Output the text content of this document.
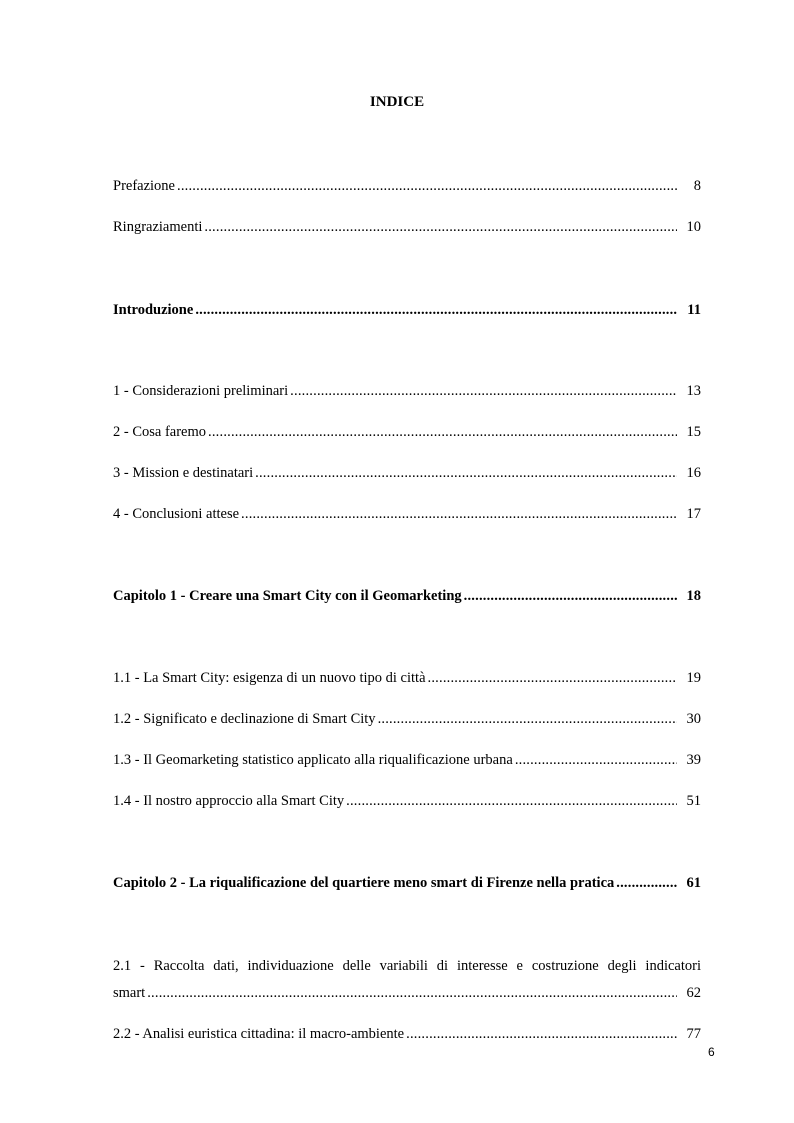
INDICE
Prefazione .....	8
Ringraziamenti .....	10
Introduzione .....	11
1 - Considerazioni preliminari .....	13
2 - Cosa faremo .....	15
3 - Mission e destinatari .....	16
4 - Conclusioni attese .....	17
Capitolo 1 - Creare una Smart City con il Geomarketing .....	18
1.1 - La Smart City: esigenza di un nuovo tipo di città .....	19
1.2 - Significato e declinazione di Smart City .....	30
1.3 - Il Geomarketing statistico applicato alla riqualificazione urbana .....	39
1.4 - Il nostro approccio alla Smart City .....	51
Capitolo 2 - La riqualificazione del quartiere meno smart di Firenze nella pratica .....	61
2.1 - Raccolta dati, individuazione delle variabili di interesse e costruzione degli indicatori
smart .....	62
2.2 - Analisi euristica cittadina: il macro-ambiente .....	77
6
